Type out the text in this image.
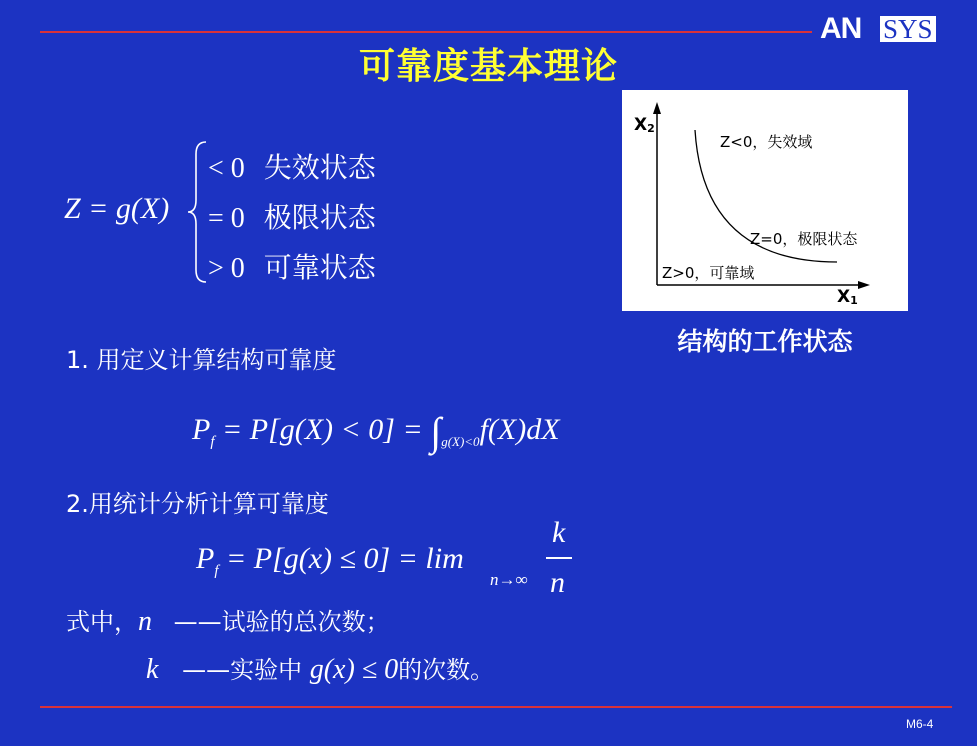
AN SYS
可靠度基本理论
Z = g(X)
< 0 失效状态
= 0 极限状态
> 0 可靠状态
X2
X1
Z<0，失效域
Z=0，极限状态
Z>0，可靠域
结构的工作状态
1. 用定义计算结构可靠度
$P_f = P[g(X) < 0] = \int_{g(X)<0}f(X)dX$
2.用统计分析计算可靠度
$P_f = P[g(x) \le 0] = \lim$
n→∞
k
n
式中，n ——试验的总次数；
k ——实验中 g(x) ≤ 0的次数。
M6-4
